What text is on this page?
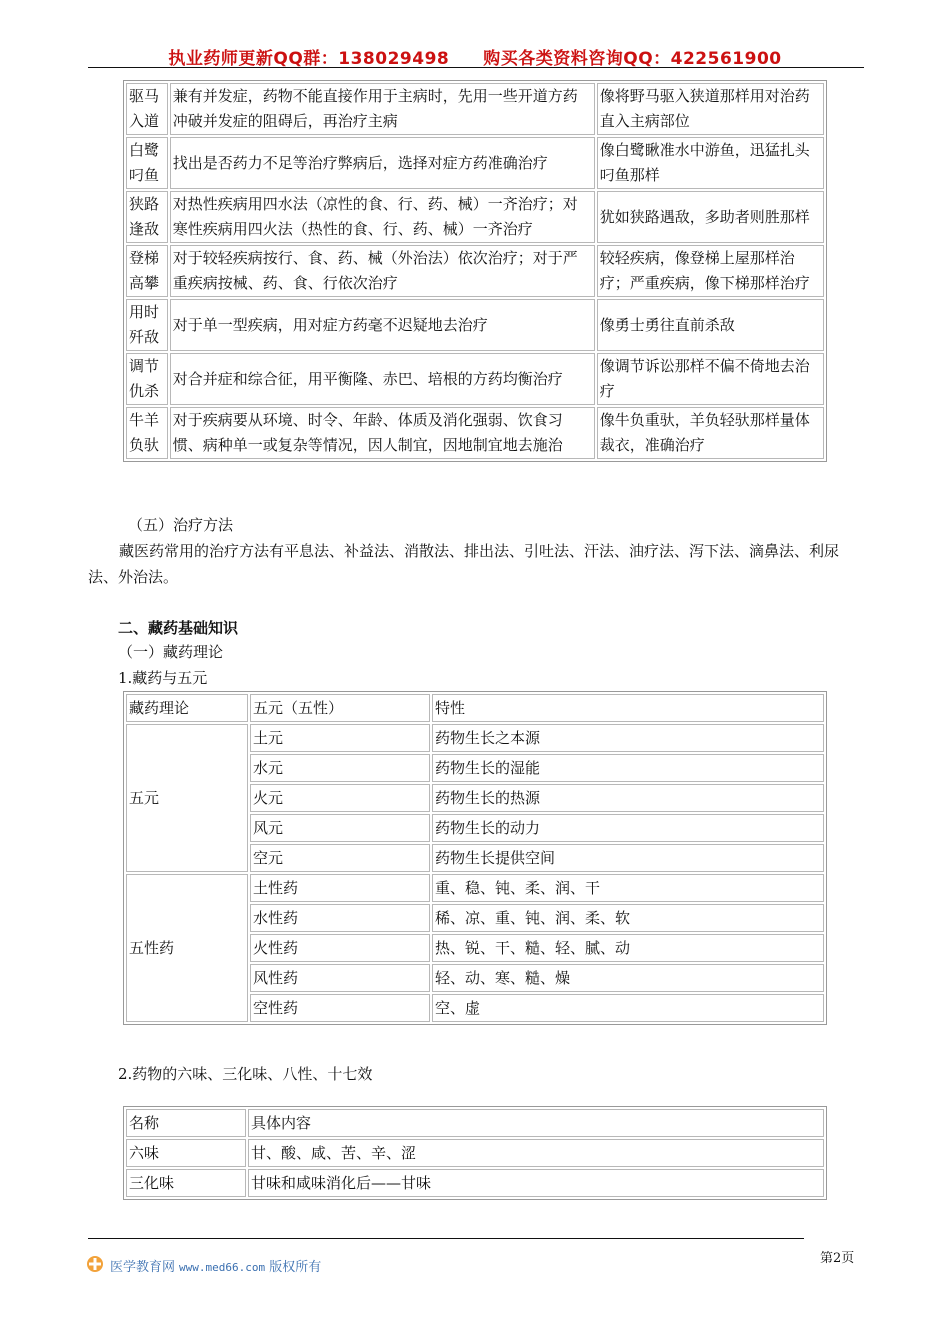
执业药师更新QQ群：138029498 购买各类资料咨询QQ：422561900
驱马入道	兼有并发症，药物不能直接作用于主病时，先用一些开道方药冲破并发症的阻碍后，再治疗主病	像将野马驱入狭道那样用对治药直入主病部位
白鹭叼鱼	找出是否药力不足等治疗弊病后，选择对症方药准确治疗	像白鹭瞅准水中游鱼，迅猛扎头叼鱼那样
狭路逢敌	对热性疾病用四水法（凉性的食、行、药、械）一齐治疗；对寒性疾病用四火法（热性的食、行、药、械）一齐治疗	犹如狭路遇敌，多助者则胜那样
登梯高攀	对于较轻疾病按行、食、药、械（外治法）依次治疗；对于严重疾病按械、药、食、行依次治疗	较轻疾病，像登梯上屋那样治疗；严重疾病，像下梯那样治疗
用时歼敌	对于单一型疾病，用对症方药毫不迟疑地去治疗	像勇士勇往直前杀敌
调节仇杀	对合并症和综合征，用平衡隆、赤巴、培根的方药均衡治疗	像调节诉讼那样不偏不倚地去治疗
牛羊负驮	对于疾病要从环境、时令、年龄、体质及消化强弱、饮食习惯、病种单一或复杂等情况，因人制宜，因地制宜地去施治	像牛负重驮，羊负轻驮那样量体裁衣，准确治疗
（五）治疗方法
藏医药常用的治疗方法有平息法、补益法、消散法、排出法、引吐法、汗法、油疗法、泻下法、滴鼻法、利尿法、外治法。
二、藏药基础知识
（一）藏药理论
1.藏药与五元
藏药理论	五元（五性）	特性
五元	土元	药物生长之本源
	水元	药物生长的湿能
	火元	药物生长的热源
	风元	药物生长的动力
	空元	药物生长提供空间
五性药	土性药	重、稳、钝、柔、润、干
	水性药	稀、凉、重、钝、润、柔、软
	火性药	热、锐、干、糙、轻、腻、动
	风性药	轻、动、寒、糙、燥
	空性药	空、虚
2.药物的六味、三化味、八性、十七效
名称	具体内容
六味	甘、酸、咸、苦、辛、涩
三化味	甘味和咸味消化后——甘味
医学教育网 www.med66.com 版权所有
第2页
